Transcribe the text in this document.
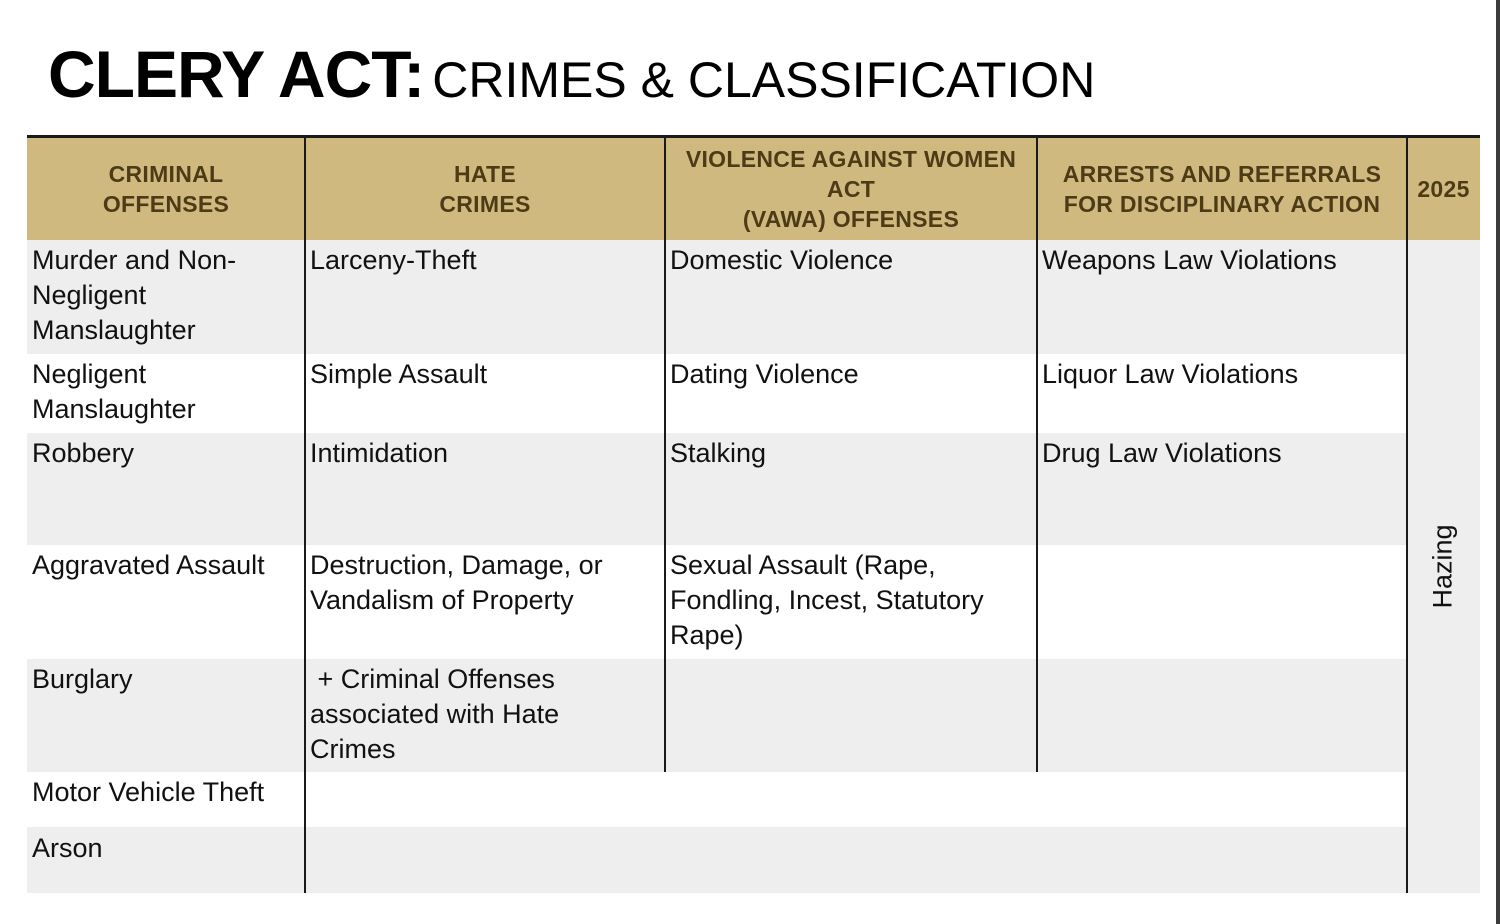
CLERY ACT: CRIMES & CLASSIFICATION
CRIMINAL
OFFENSES
HATE
CRIMES
VIOLENCE AGAINST WOMEN
ACT
(VAWA) OFFENSES
ARRESTS AND REFERRALS
FOR DISCIPLINARY ACTION
2025
Murder and Non-
Negligent
Manslaughter
Negligent
Manslaughter
Robbery
Aggravated Assault
Burglary
Motor Vehicle Theft
Arson
Larceny-Theft
Simple Assault
Intimidation
Destruction, Damage, or
Vandalism of Property
+ Criminal Offenses
associated with Hate
Crimes
Domestic Violence
Dating Violence
Stalking
Sexual Assault (Rape,
Fondling, Incest, Statutory
Rape)
Weapons Law Violations
Liquor Law Violations
Drug Law Violations
Hazing
